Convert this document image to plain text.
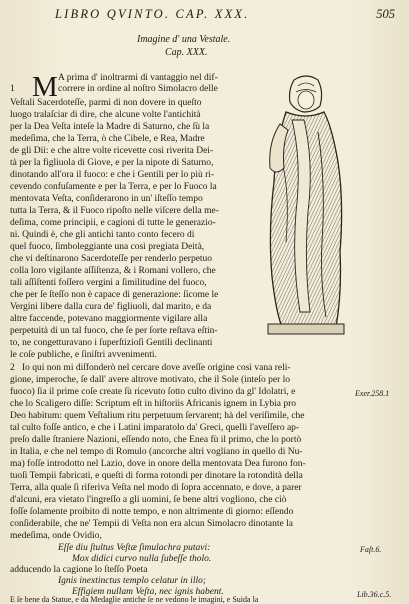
LIBRO QVINTO. CAP. XXX.	505
Imagine d' una Vestale.
Cap. XXX.
1 M A prima d' inoltrarmi di vantaggio nel dif-
correre in ordine al noſtro Simolacro delle
Veſtali Sacerdoteſſe, parmi di non dovere in queſto
luogo tralaſciar di dire, che alcune volte l'antichità
per la Dea Veſta inteſe la Madre di Saturno, che ſù la
medeſima, che la Terra, ò che Cibele, e Rea, Madre
de gli Dii: e che altre volte ricevette così riverita Dei-
tà per la figliuola di Giove, e per la nipote di Saturno,
dinotando all'ora il fuoco: e che i Gentili per lo più ri-
cevendo confuſamente e per la Terra, e per lo Fuoco la
mentovata Veſta, conſiderarono in un' iſteſſo tempo
tutta la Terra, & il Fuoco ripoſto nelle viſcere della me-
deſima, come principii, e cagioni di tutte le generazio-
ni. Quindi è, che gli antichi tanto conto fecero di
quel fuoco, ſimboleggiante una così pregiata Deità,
che vi deſtinarono Sacerdoteſſe per renderlo perpetuo
colla loro vigilante aſſiſtenza, & i Romani vollero, che
tali aſſiſtenti foſſero vergini a ſimilitudine del fuoco,
che per ſe ſteſſo non è capace di generazione: ſicome le
Vergini libere dalla cura de' figliuoli, dal marito, e da
altre faccende, potevano maggiormente vigilare alla
perpetuità di un tal fuoco, che ſe per ſorte reſtava eſtin-
to, ne congetturavano i ſuperſtizioſi Gentili declinanti
le coſe publiche, e ſiniſtri avvenimenti.
2 Io qui non mi diſfonderò nel cercare dove aveſſe origine così vana reli-
gione, imperoche, ſe dall' avere altrove motivato, che il Sole (inteſo per lo
fuoco) ſia il prime coſe create ſù ricevuto ſotto culto divino da gl' Idolatri, e
che lo Scaligero diſſe: Scriptum eſt in hiſtoriis Africanis ignem in Lybia pro
Deo habitum: quem Veſtalium ritu perpetuum ſervarent; hà del veriſimile, che
tal culto foſſe antico, e che i Latini imparatolo da' Greci, quelli l'aveſſero ap-
preſo dalle ſtraniere Nazioni, eſſendo noto, che Enea fù il primo, che lo portò
in Italia, e che nel tempo di Romulo (ancorche altri vogliano in quello di Nu-
ma) foſſe introdotto nel Lazio, dove in onore della mentovata Dea furono fon-
tuoſi Tempii fabricati, e queſti di forma rotondi per dinotare la rotondità della
Terra, alla quale ſi riferiva Veſta nel modo di ſopra accennato, e dove, a parer
d'alcuni, era vietato l'ingreſſo a gli uomini, ſe bene altri vogliono, che ciò
foſſe ſolamente proibito di notte tempo, e non altrimente di giorno: eſſendo
conſiderabile, che ne' Tempii di Veſta non era alcun Simolacro dinotante la
medeſima, onde Ovidio,
Eſſe diu ſtultus Veſtæ ſimulachra putavi:
Mox didici curvo nulla ſubeſſe tholo.
adducendo la cagione lo ſteſſo Poeta
Ignis inextinctus templo celatur in illo;
Effigiem nullam Veſta, nec ignis habent.
E ſe bene da Statue, e da Medaglie antiche ſe ne vedono le imagini, e Suida la
Exer.258.1
Faſt.6.
Lib.36.c.5.
